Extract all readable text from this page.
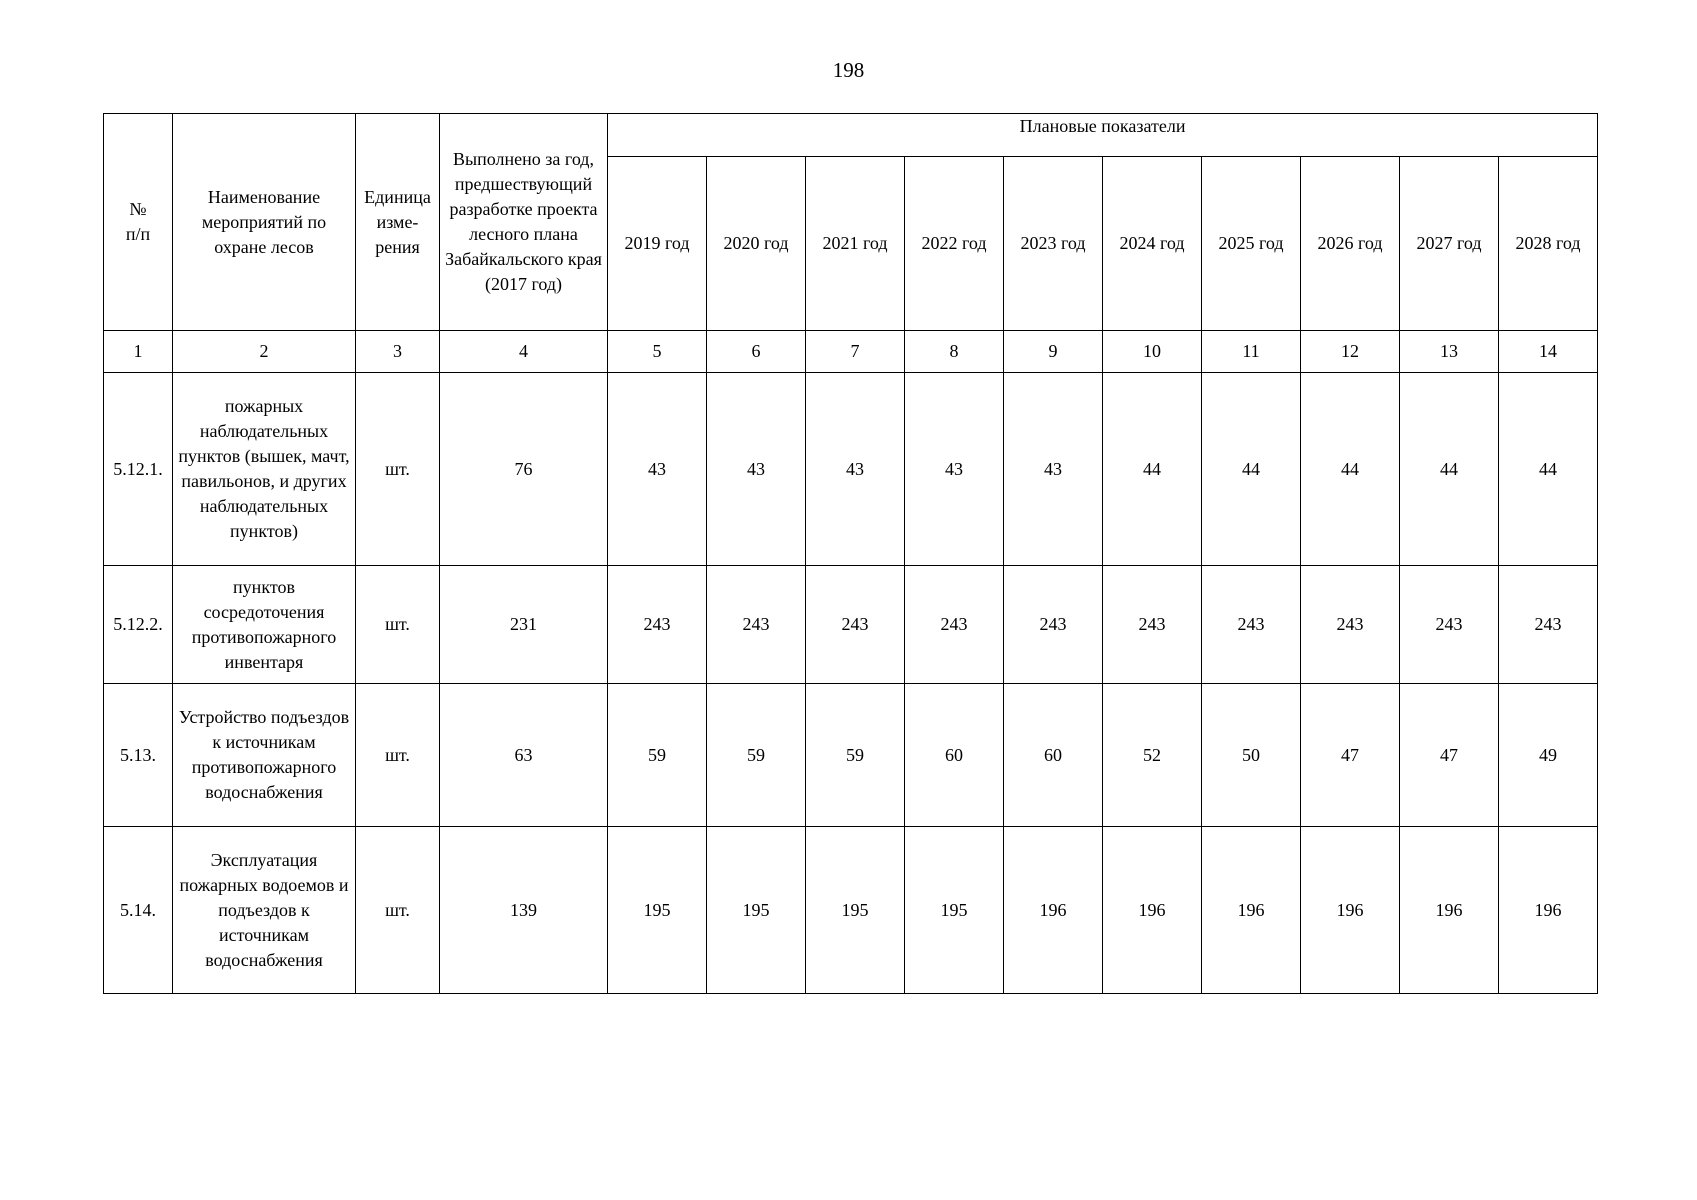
198
№
п/п	Наименование мероприятий по охране лесов	Единица изме-рения	Выполнено за год, предшествующий разработке проекта лесного плана Забайкальского края (2017 год)	Плановые показатели									
				2019 год	2020 год	2021 год	2022 год	2023 год	2024 год	2025 год	2026 год	2027 год	2028 год
1	2	3	4	5	6	7	8	9	10	11	12	13	14
5.12.1.	пожарных наблюдательных пунктов (вышек, мачт, павильонов, и других наблюдательных пунктов)	шт.	76	43	43	43	43	43	44	44	44	44	44
5.12.2.	пунктов сосредоточения противопожарного инвентаря	шт.	231	243	243	243	243	243	243	243	243	243	243
5.13.	Устройство подъездов к источникам противопожарного водоснабжения	шт.	63	59	59	59	60	60	52	50	47	47	49
5.14.	Эксплуатация пожарных водоемов и подъездов к источникам водоснабжения	шт.	139	195	195	195	195	196	196	196	196	196	196
